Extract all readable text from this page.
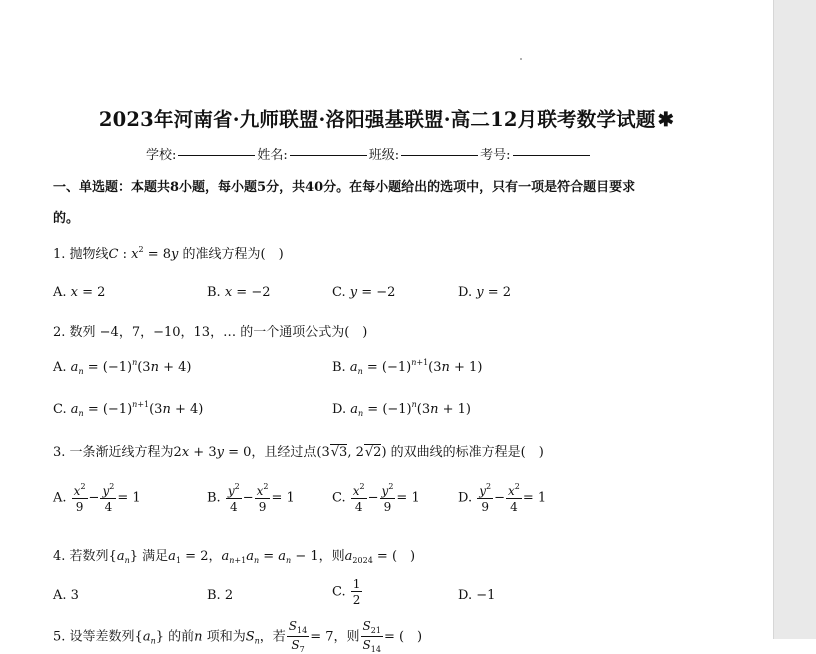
2023年河南省·九师联盟·洛阳强基联盟·高二12月联考数学试题 ✱
学校:	姓名:	班级:	考号:
一、单选题：本题共8小题，每小题5分，共40分。在每小题给出的选项中，只有一项是符合题目要求
的。
1. 抛物线C : $x^2 = 8y$ 的准线方程为(　)
A. x = 2	B. x = −2	C. y = −2	D. y = 2
2. 数列 −4，7，−10，13，… 的一个通项公式为(　)
A. $a_n = (-1)^n(3n + 4)$	B. $a_n = (-1)^{n+1}(3n + 1)$
C. $a_n = (-1)^{n+1}(3n + 4)$	D. $a_n = (-1)^n(3n + 1)$
3. 一条渐近线方程为2x + 3y = 0，且经过点(3√3, 2√2) 的双曲线的标准方程是(　)
A. $\frac{x^2}{9} - \frac{y^2}{4} = 1$	B. $\frac{y^2}{4} - \frac{x^2}{9} = 1$	C. $\frac{x^2}{4} - \frac{y^2}{9} = 1$	D. $\frac{y^2}{9} - \frac{x^2}{4} = 1$
4. 若数列$\{a_n\}$ 满足$a_1 = 2$，$a_{n+1}a_n = a_n - 1$，则$a_{2024}$ = (　)
A. 3	B. 2	C. $\frac{1}{2}$	D. −1
5. 设等差数列$\{a_n\}$ 的前n 项和为$S_n$，若 $\frac{S_{14}}{S_7} = 7$，则 $\frac{S_{21}}{S_{14}}$ = (　)
